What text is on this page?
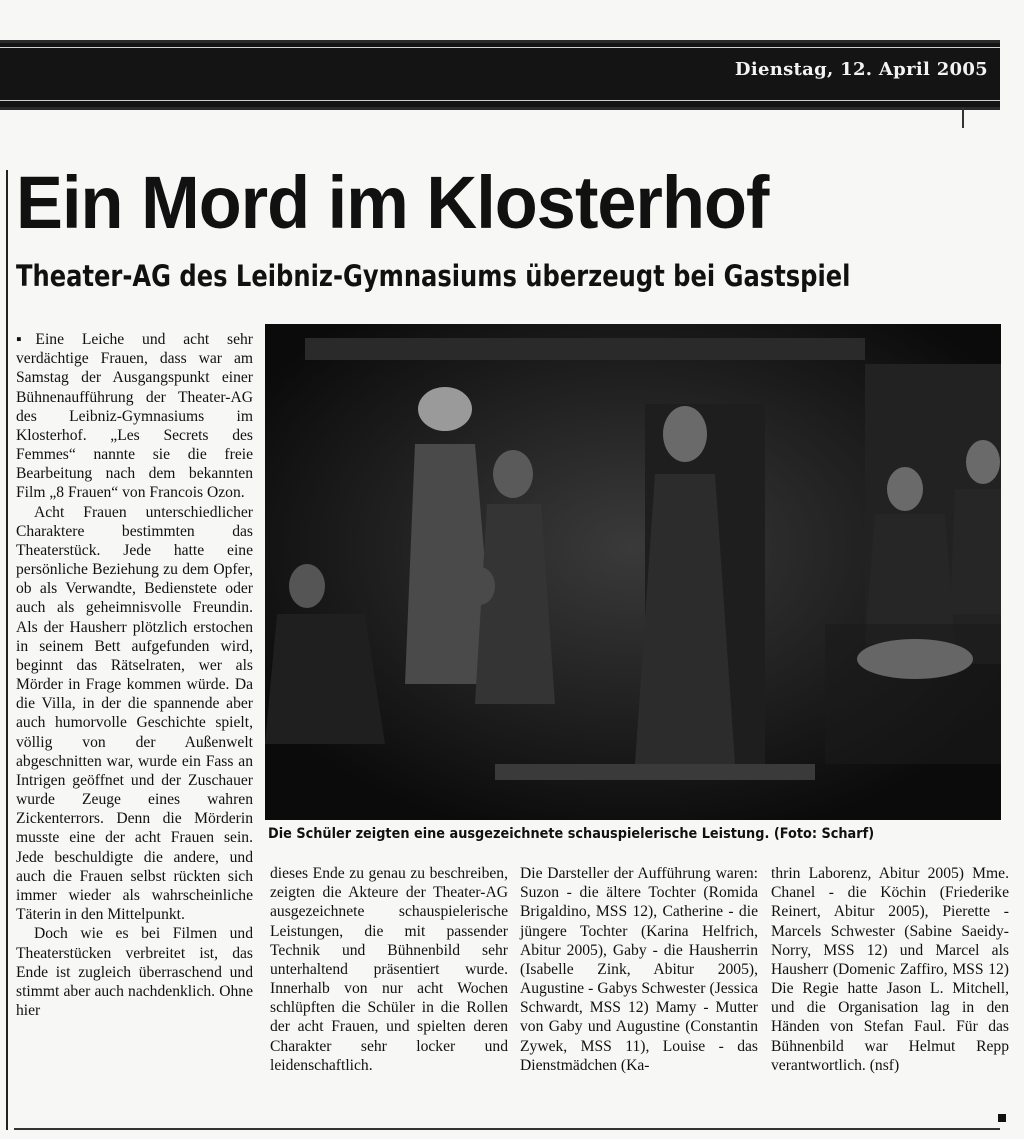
Dienstag, 12. April 2005
Ein Mord im Klosterhof
Theater-AG des Leibniz-Gymnasiums überzeugt bei Gastspiel

▪Eine Leiche und acht sehr verdächtige Frauen, dass war am Samstag der Ausgangspunkt einer Bühnenaufführung der Theater-AG des Leibniz-Gymnasiums im Klosterhof. „Les Secrets des Femmes“ nannte sie die freie Bearbeitung nach dem bekannten Film „8 Frauen“ von Francois Ozon.

Acht Frauen unterschiedlicher Charaktere bestimmten das Theaterstück. Jede hatte eine persönliche Beziehung zu dem Opfer, ob als Verwandte, Bedienstete oder auch als geheimnisvolle Freundin. Als der Hausherr plötzlich erstochen in seinem Bett aufgefunden wird, beginnt das Rätselraten, wer als Mörder in Frage kommen würde. Da die Villa, in der die spannende aber auch humorvolle Geschichte spielt, völlig von der Außenwelt abgeschnitten war, wurde ein Fass an Intrigen geöffnet und der Zuschauer wurde Zeuge eines wahren Zickenterrors. Denn die Mörderin musste eine der acht Frauen sein. Jede beschuldigte die andere, und auch die Frauen selbst rückten sich immer wieder als wahrscheinliche Täterin in den Mittelpunkt.

Doch wie es bei Filmen und Theaterstücken verbreitet ist, das Ende ist zugleich überraschend und stimmt aber auch nachdenklich. Ohne hier

Die Schüler zeigten eine ausgezeichnete schauspielerische Leistung. (Foto: Scharf)

dieses Ende zu genau zu beschreiben, zeigten die Akteure der Theater-AG ausgezeichnete schauspielerische Leistungen, die mit passender Technik und Bühnenbild sehr unterhaltend präsentiert wurde. Innerhalb von nur acht Wochen schlüpften die Schüler in die Rollen der acht Frauen, und spielten deren Charakter sehr locker und leidenschaftlich.

Die Darsteller der Aufführung waren: Suzon - die ältere Tochter (Romida Brigaldino, MSS 12), Catherine - die jüngere Tochter (Karina Helfrich, Abitur 2005), Gaby - die Hausherrin (Isabelle Zink, Abitur 2005), Augustine - Gabys Schwester (Jessica Schwardt, MSS 12) Mamy - Mutter von Gaby und Augustine (Constantin Zywek, MSS 11), Louise - das Dienstmädchen (Ka-

thrin Laborenz, Abitur 2005) Mme. Chanel - die Köchin (Friederike Reinert, Abitur 2005), Pierette - Marcels Schwester (Sabine Saeidy-Norry, MSS 12) und Marcel als Hausherr (Domenic Zaffiro, MSS 12) Die Regie hatte Jason L. Mitchell, und die Organisation lag in den Händen von Stefan Faul. Für das Bühnenbild war Helmut Repp verantwortlich. (nsf)
